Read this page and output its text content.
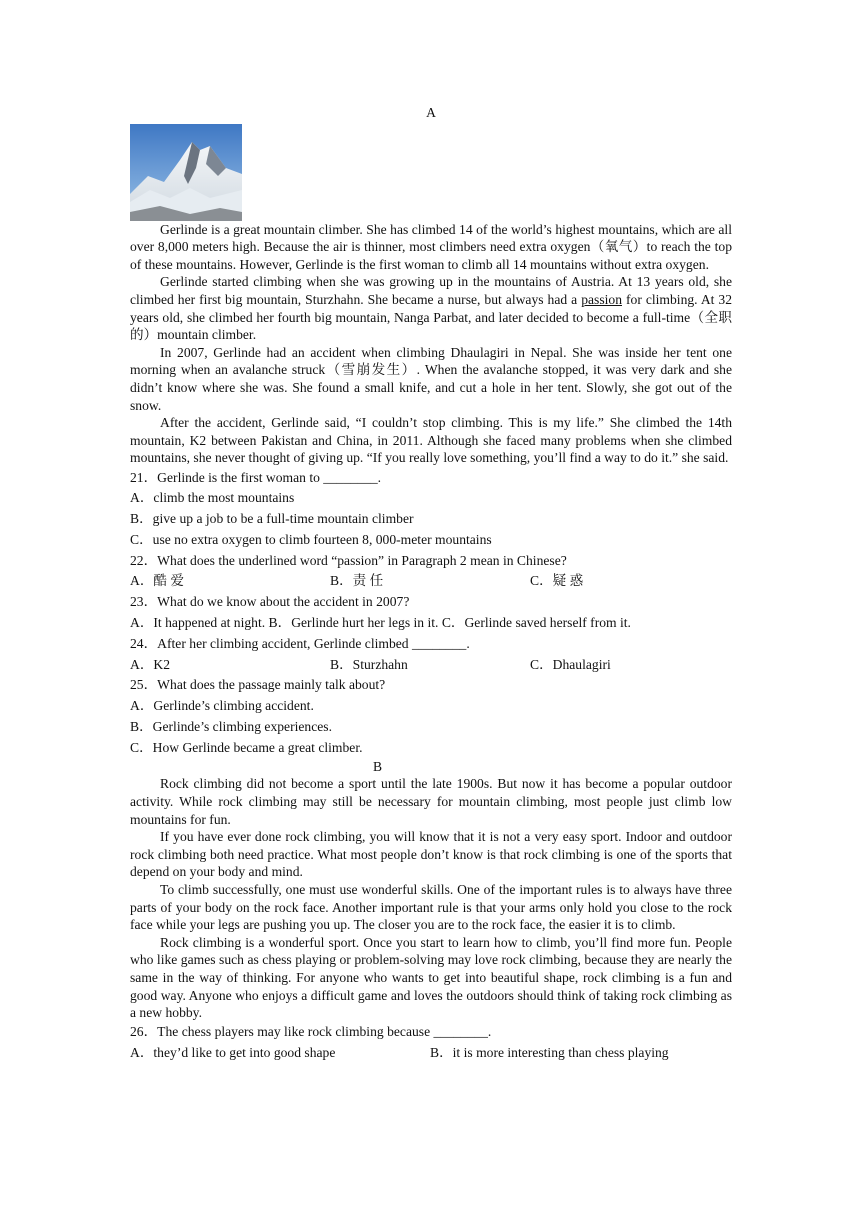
A

Gerlinde is a great mountain climber. She has climbed 14 of the world’s highest mountains, which are all over 8,000 meters high. Because the air is thinner, most climbers need extra oxygen（氧气）to reach the top of these mountains. However, Gerlinde is the first woman to climb all 14 mountains without extra oxygen.

Gerlinde started climbing when she was growing up in the mountains of Austria. At 13 years old, she climbed her first big mountain, Sturzhahn. She became a nurse, but always had a passion for climbing. At 32 years old, she climbed her fourth big mountain, Nanga Parbat, and later decided to become a full-time（全职的）mountain climber.

In 2007, Gerlinde had an accident when climbing Dhaulagiri in Nepal. She was inside her tent one morning when an avalanche struck（雪崩发生）. When the avalanche stopped, it was very dark and she didn’t know where she was. She found a small knife, and cut a hole in her tent. Slowly, she got out of the snow.

After the accident, Gerlinde said, “I couldn’t stop climbing. This is my life.” She climbed the 14th mountain, K2 between Pakistan and China, in 2011. Although she faced many problems when she climbed mountains, she never thought of giving up. “If you really love something, you’ll find a way to do it.” she said.

21．Gerlinde is the first woman to ________.

A．climb the most mountains

B．give up a job to be a full-time mountain climber

C．use no extra oxygen to climb fourteen 8, 000-meter mountains

22．What does the underlined word “passion” in Paragraph 2 mean in Chinese?

A．酷 爱	B．责 任	C．疑 惑

23．What do we know about the accident in 2007?

A．It happened at night. B．Gerlinde hurt her legs in it. C．Gerlinde saved herself from it.

24．After her climbing accident, Gerlinde climbed ________.

A．K2	B．Sturzhahn	C．Dhaulagiri

25．What does the passage mainly talk about?

A．Gerlinde’s climbing accident.

B．Gerlinde’s climbing experiences.

C．How Gerlinde became a great climber.

B

Rock climbing did not become a sport until the late 1900s. But now it has become a popular outdoor activity. While rock climbing may still be necessary for mountain climbing, most people just climb low mountains for fun.

If you have ever done rock climbing, you will know that it is not a very easy sport. Indoor and outdoor rock climbing both need practice. What most people don’t know is that rock climbing is one of the sports that depend on your body and mind.

To climb successfully, one must use wonderful skills. One of the important rules is to always have three parts of your body on the rock face. Another important rule is that your arms only hold you close to the rock face while your legs are pushing you up. The closer you are to the rock face, the easier it is to climb.

Rock climbing is a wonderful sport. Once you start to learn how to climb, you’ll find more fun. People who like games such as chess playing or problem-solving may love rock climbing, because they are nearly the same in the way of thinking. For anyone who wants to get into beautiful shape, rock climbing is a fun and good way. Anyone who enjoys a difficult game and loves the outdoors should think of taking rock climbing as a new hobby.

26．The chess players may like rock climbing because ________.

A．they’d like to get into good shape	B．it is more interesting than chess playing
